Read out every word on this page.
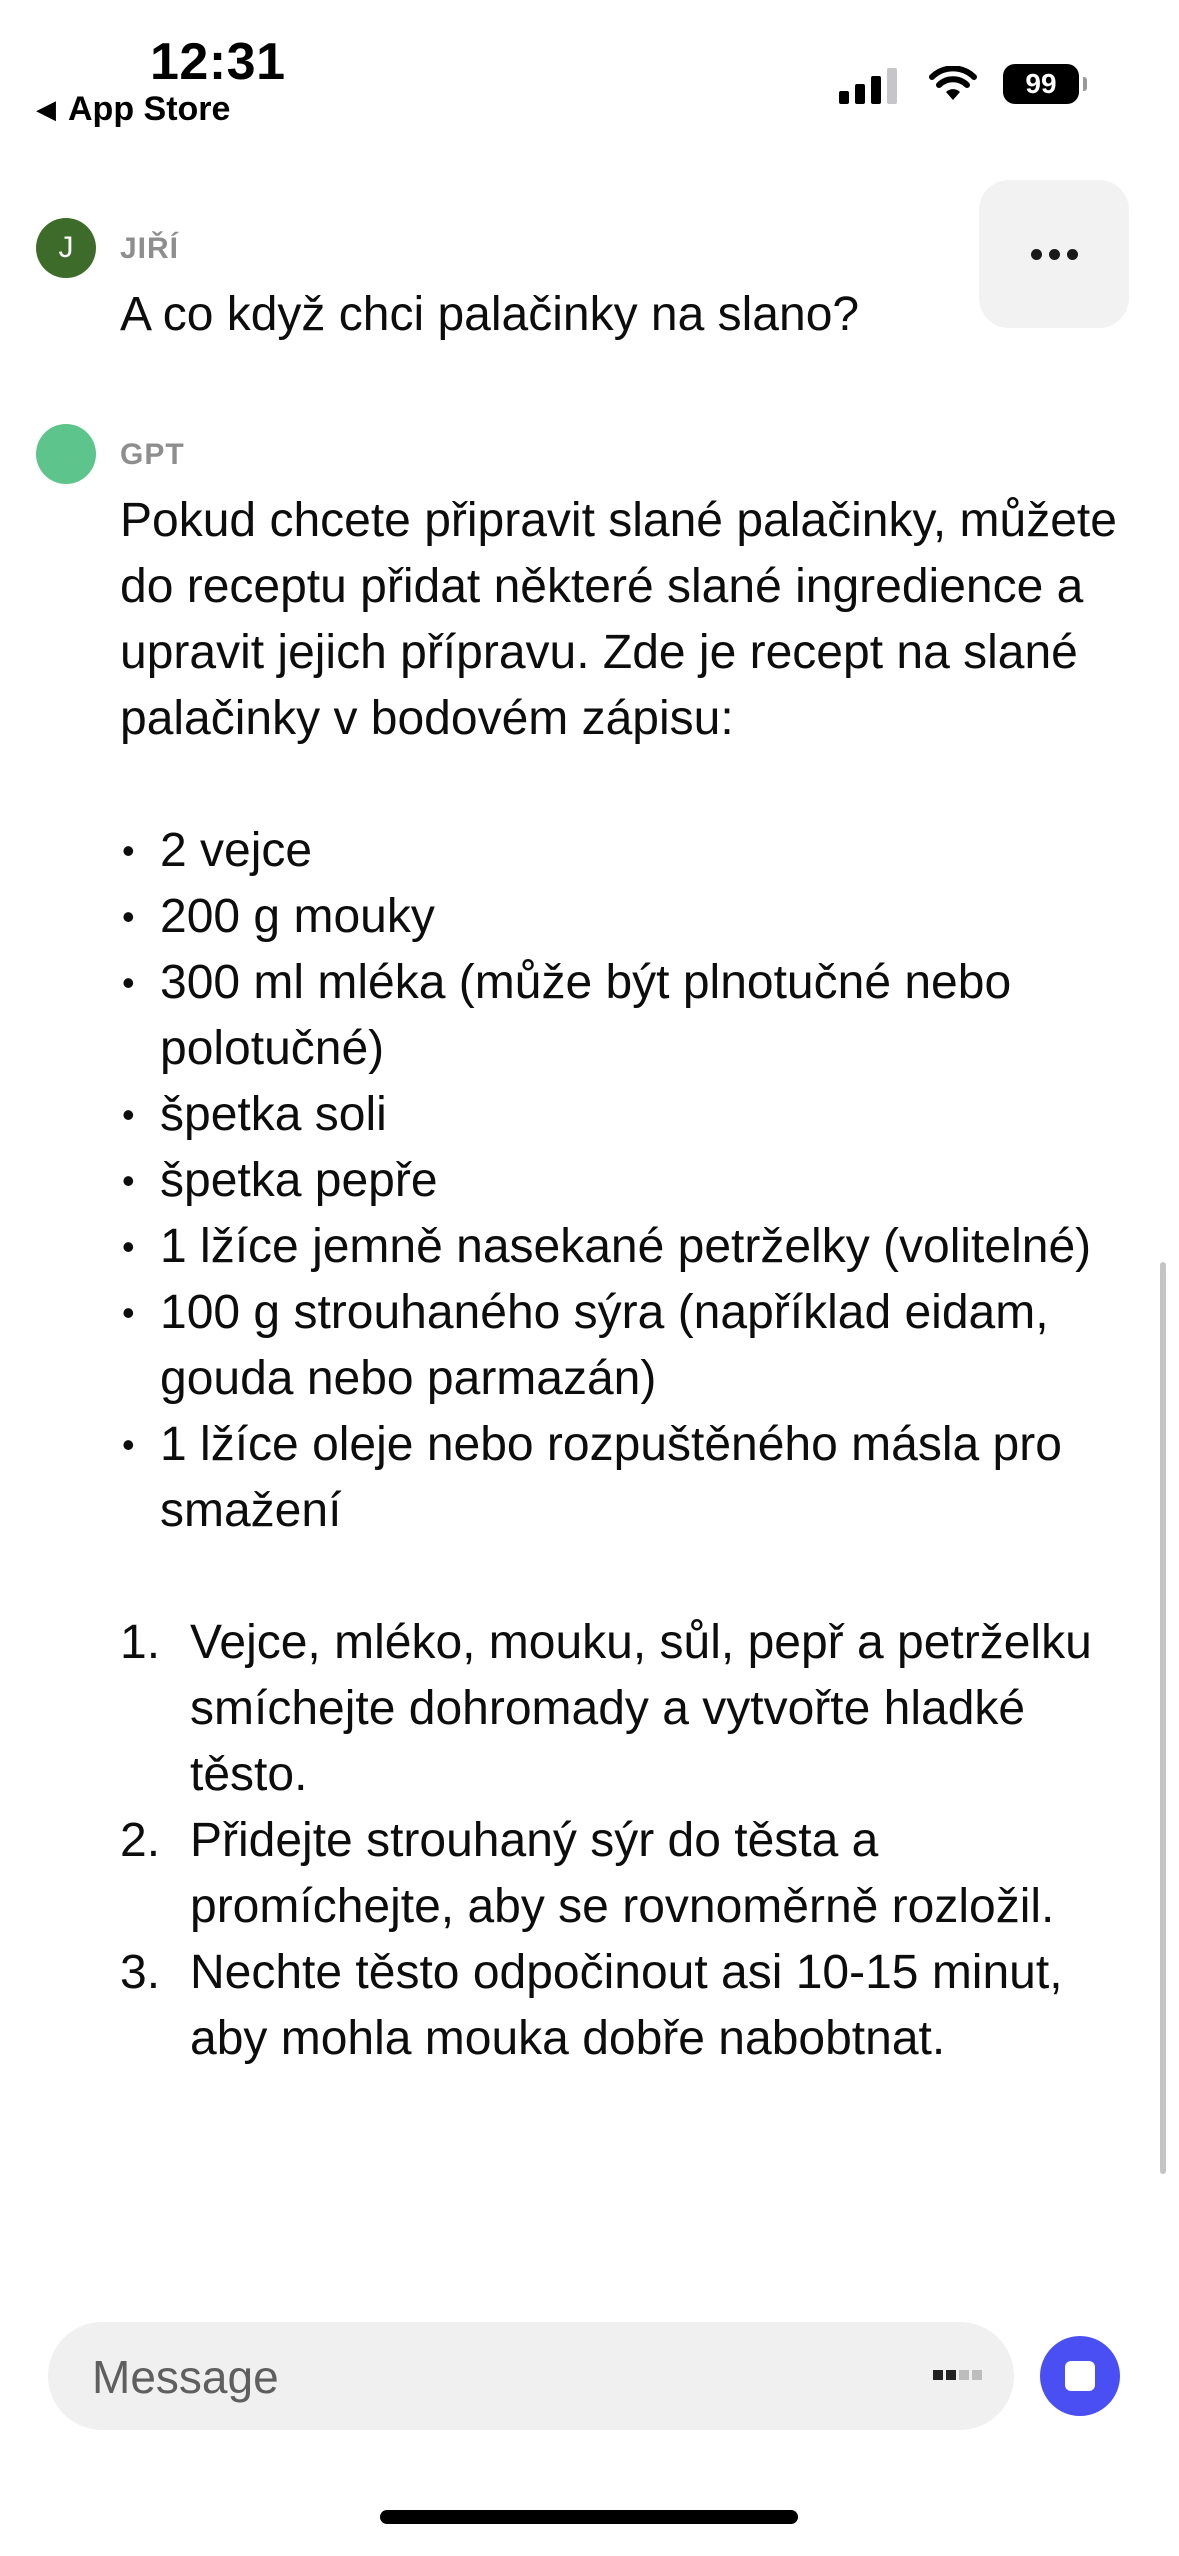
12:31
◀ App Store
99
J JIŘÍ
A co když chci palačinky na slano?
GPT

Pokud chcete připravit slané palačinky, můžete do receptu přidat některé slané ingredience a upravit jejich přípravu. Zde je recept na slané palačinky v bodovém zápisu:

• 2 vejce
• 200 g mouky
• 300 ml mléka (může být plnotučné nebo polotučné)
• špetka soli
• špetka pepře
• 1 lžíce jemně nasekané petrželky (volitelné)
• 100 g strouhaného sýra (například eidam, gouda nebo parmazán)
• 1 lžíce oleje nebo rozpuštěného másla pro smažení
1. Vejce, mléko, mouku, sůl, pepř a petrželku smíchejte dohromady a vytvořte hladké těsto.
2. Přidejte strouhaný sýr do těsta a promíchejte, aby se rovnoměrně rozložil.
3. Nechte těsto odpočinout asi 10-15 minut, aby mohla mouka dobře nabobtnat.
Message
